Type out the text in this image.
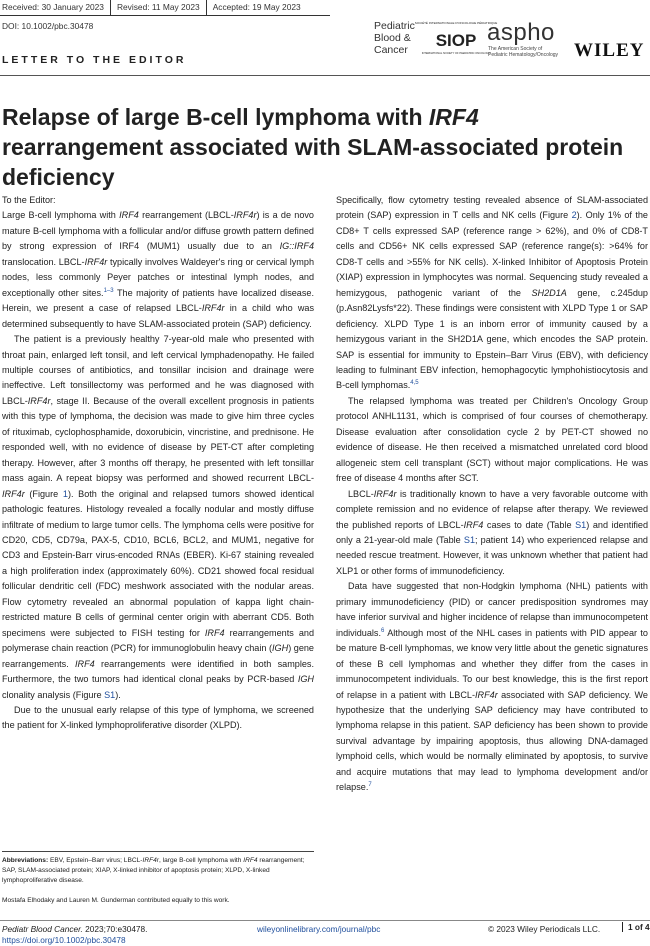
Received: 30 January 2023	Revised: 11 May 2023	Accepted: 19 May 2023
DOI: 10.1002/pbc.30478
LETTER TO THE EDITOR
Pediatric
Blood &
Cancer
SOCIÉTÉ INTERNATIONALE D'ONCOLOGIE PÉDIATRIQUE
SIOP
INTERNATIONAL SOCIETY OF PAEDIATRIC ONCOLOGY
aspho
The American Society of Pediatric Hematology/Oncology WILEY
Relapse of large B-cell lymphoma with IRF4 rearrangement associated with SLAM-associated protein deficiency

To the Editor:

Large B-cell lymphoma with IRF4 rearrangement (LBCL-IRF4r) is a de novo mature B-cell lymphoma with a follicular and/or diffuse growth pattern defined by strong expression of IRF4 (MUM1) usually due to an IG::IRF4 translocation. LBCL-IRF4r typically involves Waldeyer's ring or cervical lymph nodes, less commonly Peyer patches or intestinal lymph nodes, and exceptionally other sites.$^{1-3}$ The majority of patients have localized disease. Herein, we present a case of relapsed LBCL-IRF4r in a child who was determined subsequently to have SLAM-associated protein (SAP) deficiency.

The patient is a previously healthy 7-year-old male who presented with throat pain, enlarged left tonsil, and left cervical lymphadenopathy. He failed multiple courses of antibiotics, and tonsillar incision and drainage were ineffective. Left tonsillectomy was performed and he was diagnosed with LBCL-IRF4r, stage II. Because of the overall excellent prognosis in patients with this type of lymphoma, the decision was made to give him three cycles of rituximab, cyclophosphamide, doxorubicin, vincristine, and prednisone. He responded well, with no evidence of disease by PET-CT after completing therapy. However, after 3 months off therapy, he presented with left tonsillar mass again. A repeat biopsy was performed and showed recurrent LBCL-IRF4r (Figure 1). Both the original and relapsed tumors showed identical pathologic features. Histology revealed a focally nodular and mostly diffuse infiltrate of medium to large tumor cells. The lymphoma cells were positive for CD20, CD5, CD79a, PAX-5, CD10, BCL6, BCL2, and MUM1, negative for CD3 and Epstein-Barr virus-encoded RNAs (EBER). Ki-67 staining revealed a high proliferation index (approximately 60%). CD21 showed focal residual follicular dendritic cell (FDC) meshwork associated with the nodular areas. Flow cytometry revealed an abnormal population of kappa light chain-restricted mature B cells of germinal center origin with aberrant CD5. Both specimens were subjected to FISH testing for IRF4 rearrangements and polymerase chain reaction (PCR) for immunoglobulin heavy chain (IGH) gene rearrangements. IRF4 rearrangements were identified in both samples. Furthermore, the two tumors had identical clonal peaks by PCR-based IGH clonality analysis (Figure S1).

Due to the unusual early relapse of this type of lymphoma, we screened the patient for X-linked lymphoproliferative disorder (XLPD).

Specifically, flow cytometry testing revealed absence of SLAM-associated protein (SAP) expression in T cells and NK cells (Figure 2). Only 1% of the CD8+ T cells expressed SAP (reference range > 62%), and 0% of CD8-T cells and CD56+ NK cells expressed SAP (reference range(s): >64% for CD8-T cells and >55% for NK cells). X-linked Inhibitor of Apoptosis Protein (XIAP) expression in lymphocytes was normal. Sequencing study revealed a hemizygous, pathogenic variant of the SH2D1A gene, c.245dup (p.Asn82Lysfs*22). These findings were consistent with XLPD Type 1 or SAP deficiency. XLPD Type 1 is an inborn error of immunity caused by a hemizygous variant in the SH2D1A gene, which encodes the SAP protein. SAP is essential for immunity to Epstein–Barr Virus (EBV), with deficiency leading to fulminant EBV infection, hemophagocytic lymphohistiocytosis and B-cell lymphomas.$^{4,5}$

The relapsed lymphoma was treated per Children's Oncology Group protocol ANHL1131, which is comprised of four courses of chemotherapy. Disease evaluation after consolidation cycle 2 by PET-CT showed no evidence of disease. He then received a mismatched unrelated cord blood allogeneic stem cell transplant (SCT) without major complications. He was free of disease 4 months after SCT.

LBCL-IRF4r is traditionally known to have a very favorable outcome with complete remission and no evidence of relapse after therapy. We reviewed the published reports of LBCL-IRF4 cases to date (Table S1) and identified only a 21-year-old male (Table S1; patient 14) who experienced relapse and needed rescue treatment. However, it was unknown whether that patient had XLP1 or other forms of immunodeficiency.

Data have suggested that non-Hodgkin lymphoma (NHL) patients with primary immunodeficiency (PID) or cancer predisposition syndromes may have inferior survival and higher incidence of relapse than immunocompetent individuals.$^6$ Although most of the NHL cases in patients with PID appear to be mature B-cell lymphomas, we know very little about the genetic signatures of these B cell lymphomas and whether they differ from the cases in immunocompetent individuals. To our best knowledge, this is the first report of relapse in a patient with LBCL-IRF4r associated with SAP deficiency. We hypothesize that the underlying SAP deficiency may have contributed to lymphoma relapse in this patient. SAP deficiency has been shown to provide survival advantage by impairing apoptosis, thus allowing DNA-damaged lymphoid cells, which would be normally eliminated by apoptosis, to survive and acquire mutations that may lead to lymphoma development and/or relapse.$^7$

Abbreviations: EBV, Epstein–Barr virus; LBCL-IRF4r, large B-cell lymphoma with IRF4 rearrangement; SAP, SLAM-associated protein; XIAP, X-linked inhibitor of apoptosis protein; XLPD, X-linked lymphoproliferative disease.
Mostafa Elhodaky and Lauren M. Gunderman contributed equally to this work.
Pediatr Blood Cancer. 2023;70:e30478.
https://doi.org/10.1002/pbc.30478
wileyonlinelibrary.com/journal/pbc	© 2023 Wiley Periodicals LLC.	1 of 4
